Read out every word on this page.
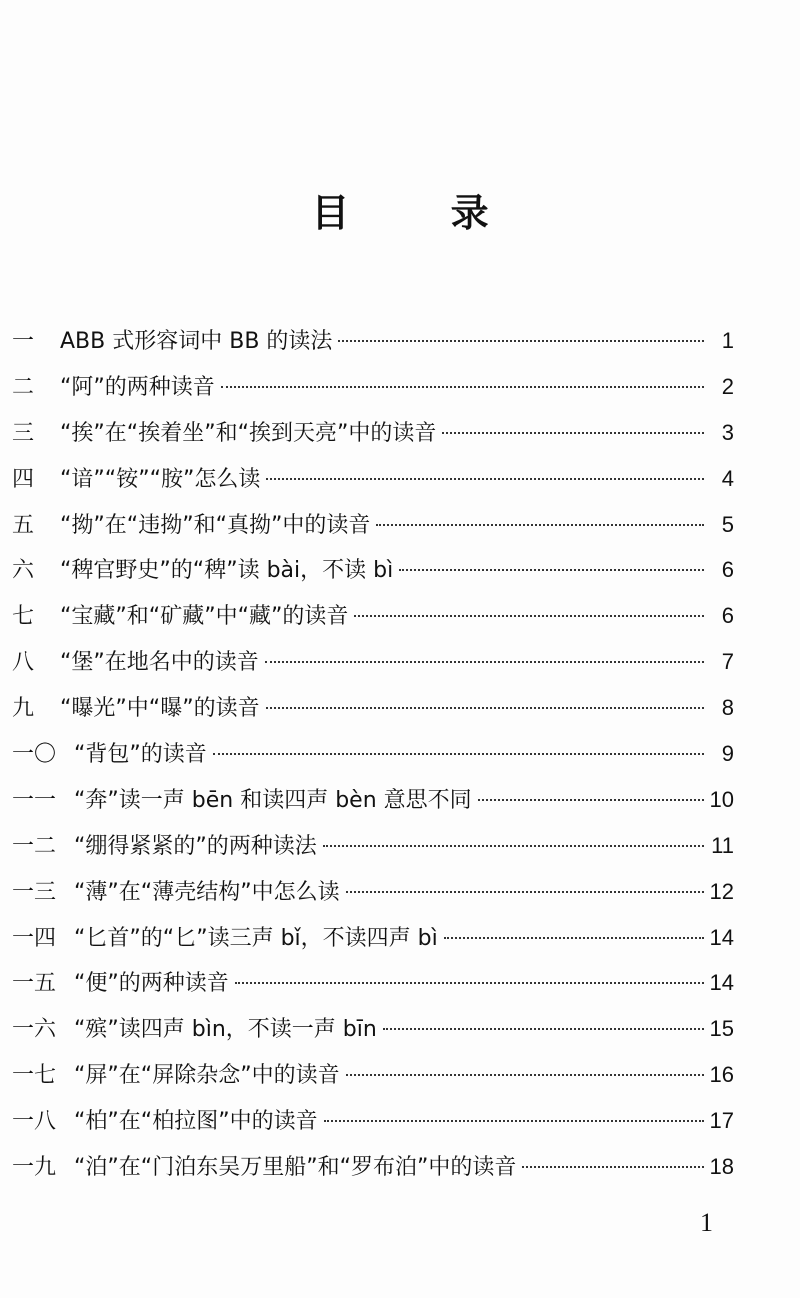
目 录
一	ABB 式形容词中 BB 的读法	1
二	“阿”的两种读音	2
三	“挨”在“挨着坐”和“挨到天亮”中的读音	3
四	“谙”“铵”“胺”怎么读	4
五	“拗”在“违拗”和“真拗”中的读音	5
六	“稗官野史”的“稗”读 bài，不读 bì	6
七	“宝藏”和“矿藏”中“藏”的读音	6
八	“堡”在地名中的读音	7
九	“曝光”中“曝”的读音	8
一〇 “背包”的读音	9
一一 “奔”读一声 bēn 和读四声 bèn 意思不同	10
一二 “绷得紧紧的”的两种读法	11
一三 “薄”在“薄壳结构”中怎么读	12
一四 “匕首”的“匕”读三声 bǐ，不读四声 bì	14
一五 “便”的两种读音	14
一六 “殡”读四声 bìn，不读一声 bīn	15
一七 “屏”在“屏除杂念”中的读音	16
一八 “柏”在“柏拉图”中的读音	17
一九 “泊”在“门泊东吴万里船”和“罗布泊”中的读音	18
1
